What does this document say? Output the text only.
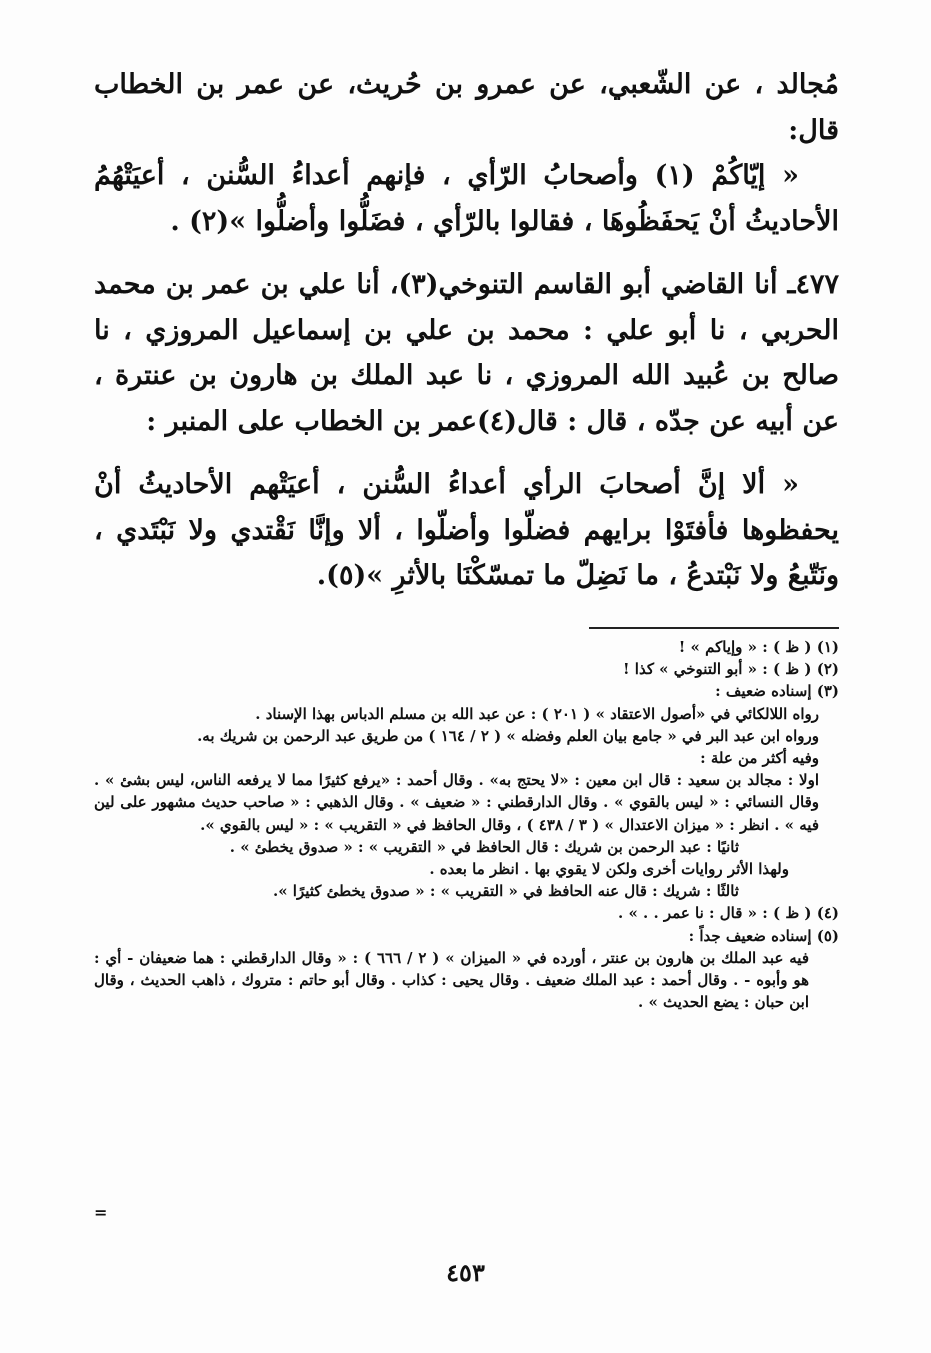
مُجالد ، عن الشّعبي، عن عمرو بن حُريث، عن عمر بن الخطاب قال:

« إيّاكُمْ (١) وأصحابُ الرّأي ، فإنهم أعداءُ السُّنن ، أعيَتْهُمُ الأحاديثُ أنْ يَحفَظُوهَا ، فقالوا بالرّأي ، فضَلُّوا وأضلُّوا »(٢) .

٤٧٧ـ أنا القاضي أبو القاسم التنوخي(٣)، أنا علي بن عمر بن محمد الحربي ، نا أبو علي : محمد بن علي بن إسماعيل المروزي ، نا صالح بن عُبيد الله المروزي ، نا عبد الملك بن هارون بن عنترة ، عن أبيه عن جدّه ، قال : قال(٤)عمر بن الخطاب على المنبر :

« ألا إنَّ أصحابَ الرأي أعداءُ السُّنن ، أعيَتْهم الأحاديثُ أنْ يحفظوها فأفتَوْا برايهم فضلّوا وأضلّوا ، ألا وإنَّا نَقْتدي ولا نَبْتَدي ، ونَتّبعُ ولا نَبْتدعُ ، ما نَضِلّ ما تمسّكْنَا بالأثرِ »(٥).

(١) ( ظ ) : « وإياكم » !

(٢) ( ظ ) : « أبو التنوخي » كذا !

(٣) إسناده ضعيف :

رواه اللالكائي في «أصول الاعتقاد » ( ٢٠١ ) : عن عبد الله بن مسلم الدباس بهذا الإسناد .

ورواه ابن عبد البر في « جامع بيان العلم وفضله » ( ٢ / ١٦٤ ) من طريق عبد الرحمن بن شريك به.

وفيه أكثر من علة :

اولا : مجالد بن سعيد : قال ابن معين : «لا يحتج به» . وقال أحمد : «يرفع كثيرًا مما لا يرفعه الناس، ليس بشئ » . وقال النسائي : « ليس بالقوي » . وقال الدارقطني : « ضعيف » . وقال الذهبي : « صاحب حديث مشهور على لين فيه » . انظر : « ميزان الاعتدال » ( ٣ / ٤٣٨ ) ، وقال الحافظ في « التقريب » : « ليس بالقوي ».

ثانيًا : عبد الرحمن بن شريك : قال الحافظ في « التقريب » : « صدوق يخطئ » .

ولهذا الأثر روايات أخرى ولكن لا يقوي بها . انظر ما بعده .

ثالثًا : شريك : قال عنه الحافظ في « التقريب » : « صدوق يخطئ كثيرًا ».

(٤) ( ظ ) : « قال : نا عمر . . » .

(٥) إسناده ضعيف جداً :

فيه عبد الملك بن هارون بن عنتر ، أورده في « الميزان » ( ٢ / ٦٦٦ ) : « وقال الدارقطني : هما ضعيفان - أي : هو وأبوه - . وقال أحمد : عبد الملك ضعيف . وقال يحيى : كذاب . وقال أبو حاتم : متروك ، ذاهب الحديث ، وقال ابن حبان : يضع الحديث » .

=
٤٥٣
